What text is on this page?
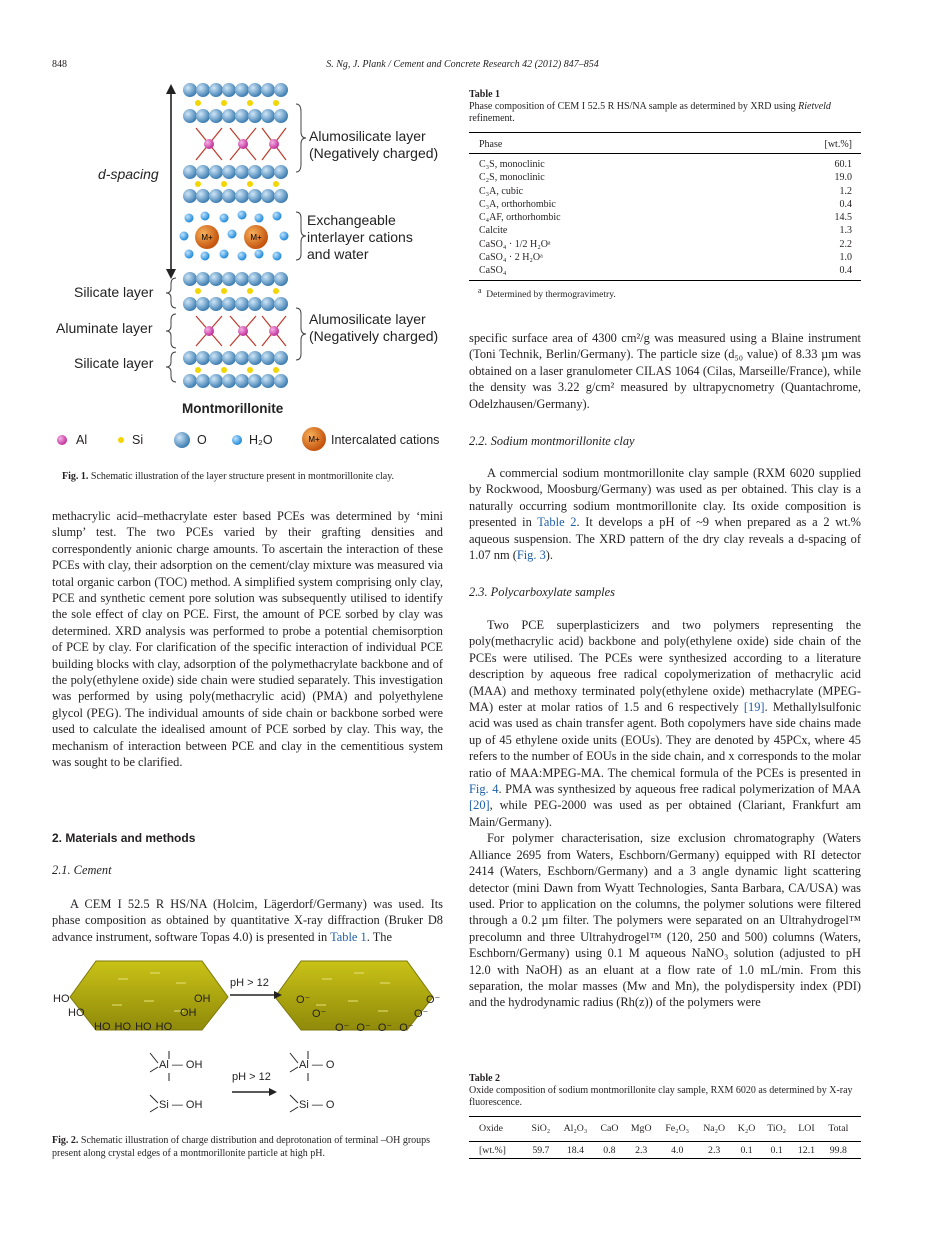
848	S. Ng, J. Plank / Cement and Concrete Research 42 (2012) 847–854
M+	M+
M+
Alumosilicate layer
(Negatively charged)
d-spacing
Exchangeable
interlayer cations
and water
Silicate layer
Aluminate layer
Silicate layer
Alumosilicate layer
(Negatively charged)
Montmorillonite
Al	Si	O	H₂O	Intercalated cations
Fig. 1. Schematic illustration of the layer structure present in montmorillonite clay.

methacrylic acid–methacrylate ester based PCEs was determined by ‘mini slump’ test. The two PCEs varied by their grafting densities and correspondently anionic charge amounts. To ascertain the interaction of these PCEs with clay, their adsorption on the cement/clay mixture was measured via total organic carbon (TOC) method. A simplified system comprising only clay, PCE and synthetic cement pore solution was subsequently utilised to identify the sole effect of clay on PCE. First, the amount of PCE sorbed by clay was determined. XRD analysis was performed to probe a potential chemisorption of PCE by clay. For clarification of the specific interaction of individual PCE building blocks with clay, adsorption of the polymethacrylate backbone and of the poly(ethylene oxide) side chain were studied separately. This investigation was performed by using poly(methacrylic acid) (PMA) and polyethylene glycol (PEG). The individual amounts of side chain or backbone sorbed were used to calculate the idealised amount of PCE sorbed by clay. This way, the mechanism of interaction between PCE and clay in the cementitious system was sought to be clarified.

2. Materials and methods
2.1. Cement

A CEM I 52.5 R HS/NA (Holcim, Lägerdorf/Germany) was used. Its phase composition as obtained by quantitative X-ray diffraction (Bruker D8 advance instrument, software Topas 4.0) is presented in Table 1. The

pH > 12
HO	OH
HO	OH
HO HO HO HO
O⁻	O⁻
O⁻	O⁻
O⁻ O⁻ O⁻ O⁻
Al — OH
Si — OH
pH > 12
Al — O
Si — O
Fig. 2. Schematic illustration of charge distribution and deprotonation of terminal –OH groups present along crystal edges of a montmorillonite particle at high pH.
Table 1
Phase composition of CEM I 52.5 R HS/NA sample as determined by XRD using Rietveld refinement.
Phase	[wt.%]
C₃S, monoclinic	60.1
C₂S, monoclinic	19.0
C₃A, cubic	1.2
C₃A, orthorhombic	0.4
C₄AF, orthorhombic	14.5
Calcite	1.3
CaSO₄ · 1/2 H₂Oᵃ	2.2
CaSO₄ · 2 H₂Oᵃ	1.0
CaSO₄	0.4
$^a$ Determined by thermogravimetry.

specific surface area of 4300 cm²/g was measured using a Blaine instrument (Toni Technik, Berlin/Germany). The particle size (d₅₀ value) of 8.33 µm was obtained on a laser granulometer CILAS 1064 (Cilas, Marseille/France), while the density was 3.22 g/cm² measured by ultrapycnometry (Quantachrome, Odelzhausen/Germany).

2.2. Sodium montmorillonite clay

A commercial sodium montmorillonite clay sample (RXM 6020 supplied by Rockwood, Moosburg/Germany) was used as per obtained. This clay is a naturally occurring sodium montmorillonite clay. Its oxide composition is presented in Table 2. It develops a pH of ~9 when prepared as a 2 wt.% aqueous suspension. The XRD pattern of the dry clay reveals a d-spacing of 1.07 nm (Fig. 3).

2.3. Polycarboxylate samples

Two PCE superplasticizers and two polymers representing the poly(methacrylic acid) backbone and poly(ethylene oxide) side chain of the PCEs were utilised. The PCEs were synthesized according to a literature description by aqueous free radical copolymerization of methacrylic acid (MAA) and methoxy terminated poly(ethylene oxide) methacrylate (MPEG-MA) ester at molar ratios of 1.5 and 6 respectively [19]. Methallylsulfonic acid was used as chain transfer agent. Both copolymers have side chains made up of 45 ethylene oxide units (EOUs). They are denoted by 45PCx, where 45 refers to the number of EOUs in the side chain, and x corresponds to the molar ratio of MAA:MPEG-MA. The chemical formula of the PCEs is presented in Fig. 4. PMA was synthesized by aqueous free radical polymerization of MAA [20], while PEG-2000 was used as per obtained (Clariant, Frankfurt am Main/Germany).

For polymer characterisation, size exclusion chromatography (Waters Alliance 2695 from Waters, Eschborn/Germany) equipped with RI detector 2414 (Waters, Eschborn/Germany) and a 3 angle dynamic light scattering detector (mini Dawn from Wyatt Technologies, Santa Barbara, CA/USA) was used. Prior to application on the columns, the polymer solutions were filtered through a 0.2 µm filter. The polymers were separated on an Ultrahydrogel™ precolumn and three Ultrahydrogel™ (120, 250 and 500) columns (Waters, Eschborn/Germany) using 0.1 M aqueous NaNO₃ solution (adjusted to pH 12.0 with NaOH) as an eluant at a flow rate of 1.0 mL/min. From this separation, the molar masses (Mw and Mn), the polydispersity index (PDI) and the hydrodynamic radius (Rh(z)) of the polymers were

Table 2
Oxide composition of sodium montmorillonite clay sample, RXM 6020 as determined by X-ray fluorescence.
Oxide	SiO₂	Al₂O₃	CaO	MgO	Fe₂O₃	Na₂O	K₂O	TiO₂	LOI	Total

[wt.%]	59.7	18.4	0.8	2.3	4.0	2.3	0.1	0.1	12.1	99.8
